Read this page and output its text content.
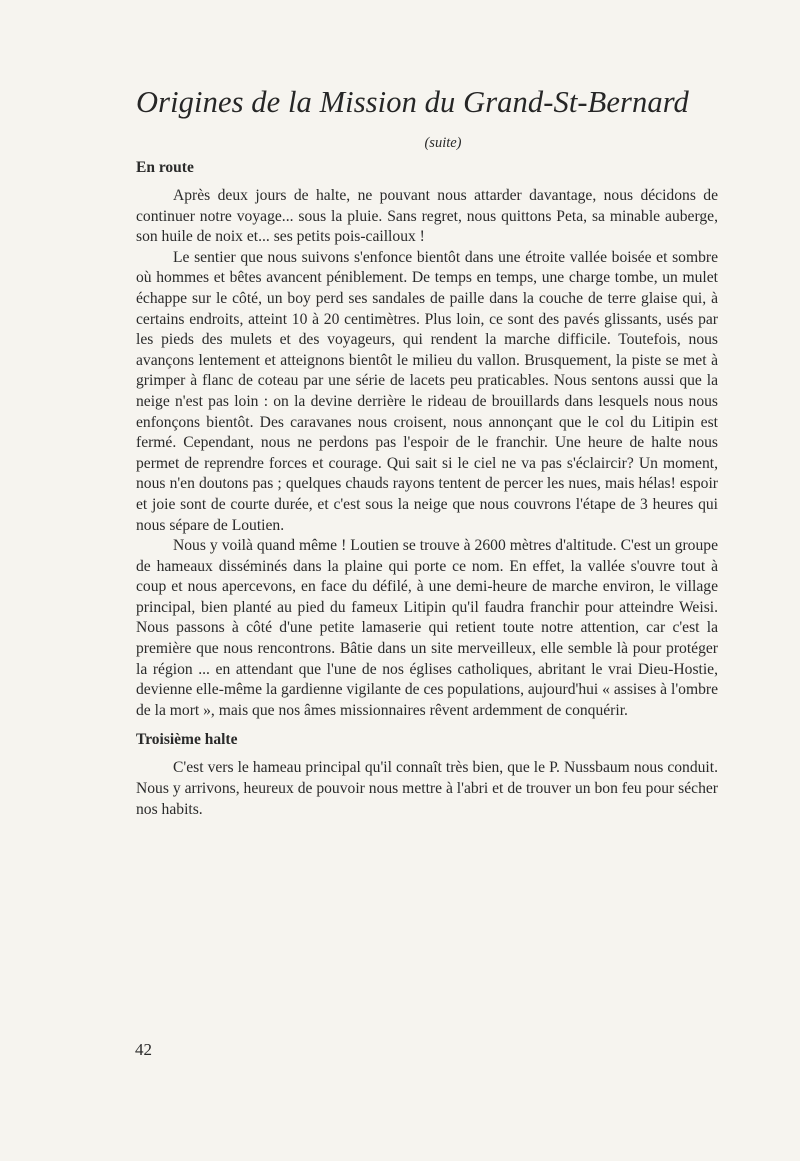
Origines de la Mission du Grand-St-Bernard
(suite)
En route

Après deux jours de halte, ne pouvant nous attarder davantage, nous décidons de continuer notre voyage... sous la pluie. Sans regret, nous quittons Peta, sa minable auberge, son huile de noix et... ses petits pois-cailloux !

Le sentier que nous suivons s'enfonce bientôt dans une étroite vallée boisée et sombre où hommes et bêtes avancent péniblement. De temps en temps, une charge tombe, un mulet échappe sur le côté, un boy perd ses sandales de paille dans la couche de terre glaise qui, à certains endroits, atteint 10 à 20 centimètres. Plus loin, ce sont des pavés glissants, usés par les pieds des mulets et des voyageurs, qui rendent la marche difficile. Toutefois, nous avançons lentement et atteignons bientôt le milieu du vallon. Brusquement, la piste se met à grimper à flanc de coteau par une série de lacets peu praticables. Nous sentons aussi que la neige n'est pas loin : on la devine derrière le rideau de brouillards dans lesquels nous nous enfonçons bientôt. Des caravanes nous croisent, nous annonçant que le col du Litipin est fermé. Cependant, nous ne perdons pas l'espoir de le franchir. Une heure de halte nous permet de reprendre forces et courage. Qui sait si le ciel ne va pas s'éclaircir? Un moment, nous n'en doutons pas ; quelques chauds rayons tentent de percer les nues, mais hélas! espoir et joie sont de courte durée, et c'est sous la neige que nous couvrons l'étape de 3 heures qui nous sépare de Loutien.

Nous y voilà quand même ! Loutien se trouve à 2600 mètres d'altitude. C'est un groupe de hameaux disséminés dans la plaine qui porte ce nom. En effet, la vallée s'ouvre tout à coup et nous apercevons, en face du défilé, à une demi-heure de marche environ, le village principal, bien planté au pied du fameux Litipin qu'il faudra franchir pour atteindre Weisi. Nous passons à côté d'une petite lamaserie qui retient toute notre attention, car c'est la première que nous rencontrons. Bâtie dans un site merveilleux, elle semble là pour protéger la région ... en attendant que l'une de nos églises catholiques, abritant le vrai Dieu-Hostie, devienne elle-même la gardienne vigilante de ces populations, aujourd'hui « assises à l'ombre de la mort », mais que nos âmes missionnaires rêvent ardemment de conquérir.

Troisième halte

C'est vers le hameau principal qu'il connaît très bien, que le P. Nussbaum nous conduit. Nous y arrivons, heureux de pouvoir nous mettre à l'abri et de trouver un bon feu pour sécher nos habits.

42
